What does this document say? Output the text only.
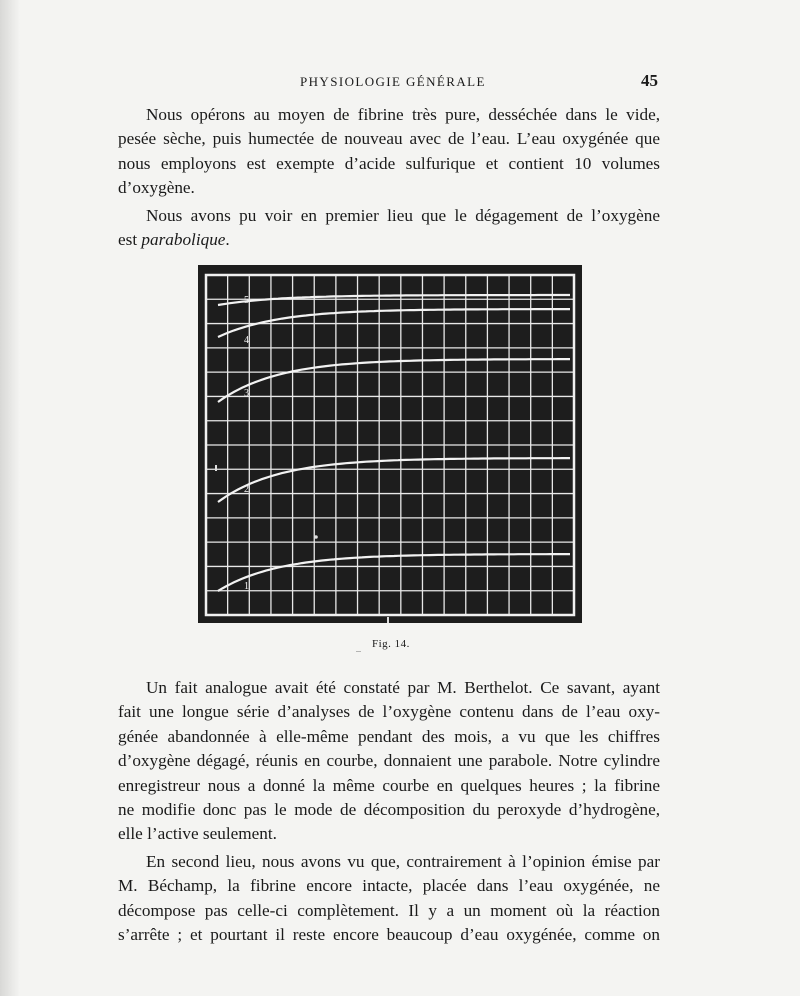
PHYSIOLOGIE GÉNÉRALE	45
Nous opérons au moyen de fibrine très pure, desséchée dans le vide,
pesée sèche, puis humectée de nouveau avec de l’eau. L’eau oxygénée que
nous employons est exempte d’acide sulfurique et contient 10 volumes
d’oxygène.
Nous avons pu voir en premier lieu que le dégagement de l’oxygène
est parabolique.
1
2
3
4
5
_ Fig. 14.
Un fait analogue avait été constaté par M. Berthelot. Ce savant, ayant
fait une longue série d’analyses de l’oxygène contenu dans de l’eau oxy-
génée abandonnée à elle-même pendant des mois, a vu que les chiffres
d’oxygène dégagé, réunis en courbe, donnaient une parabole. Notre cylindre
enregistreur nous a donné la même courbe en quelques heures ; la fibrine
ne modifie donc pas le mode de décomposition du peroxyde d’hydrogène,
elle l’active seulement.
En second lieu, nous avons vu que, contrairement à l’opinion émise par
M. Béchamp, la fibrine encore intacte, placée dans l’eau oxygénée, ne
décompose pas celle-ci complètement. Il y a un moment où la réaction
s’arrête ; et pourtant il reste encore beaucoup d’eau oxygénée, comme on
